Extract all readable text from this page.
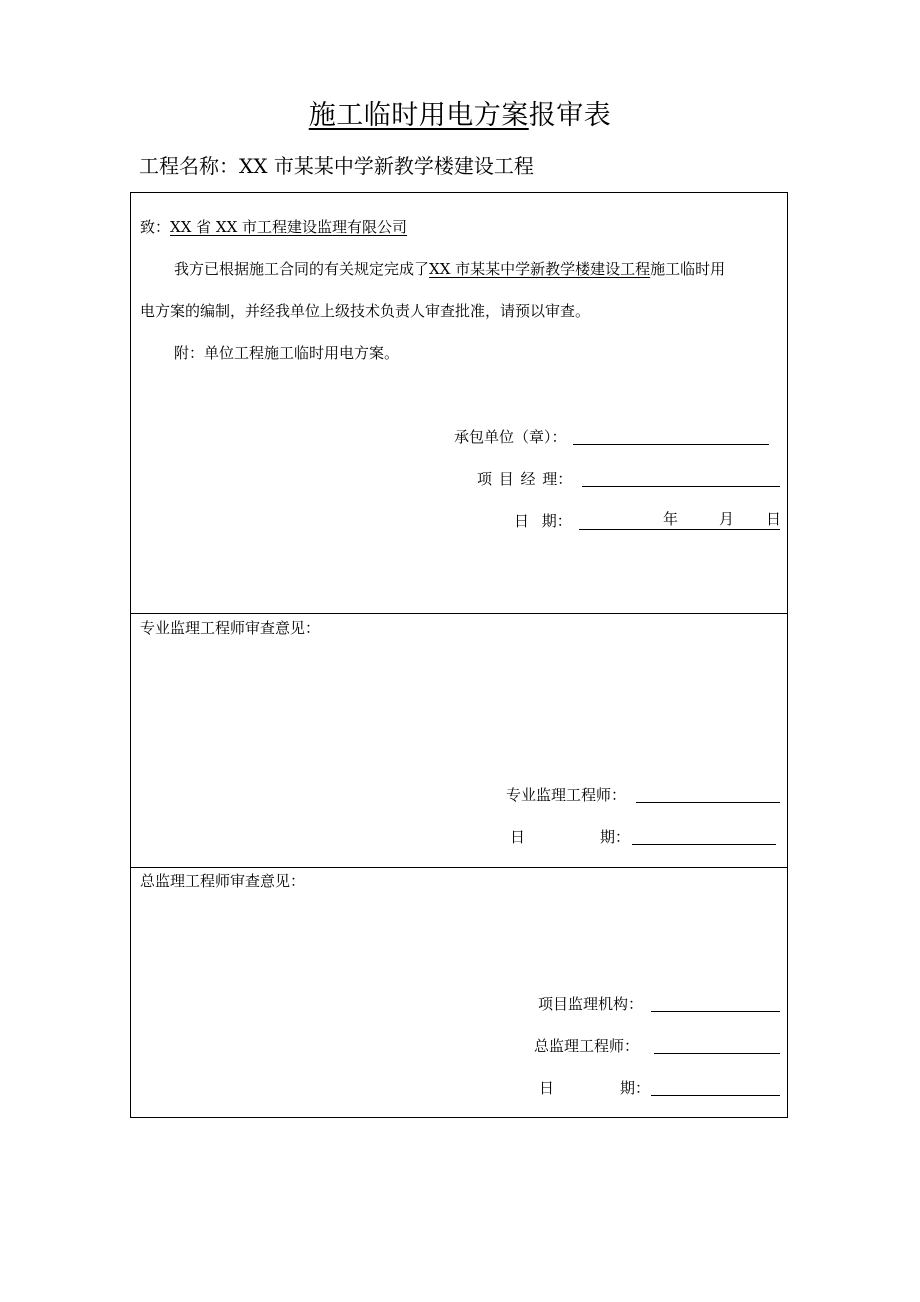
施工临时用电方案报审表
工程名称：XX 市某某中学新教学楼建设工程
致：XX 省 XX 市工程建设监理有限公司
我方已根据施工合同的有关规定完成了XX 市某某中学新教学楼建设工程施工临时用
电方案的编制，并经我单位上级技术负责人审查批准，请预以审查。
附：单位工程施工临时用电方案。
承包单位（章）：
项 目 经 理：
日 期：	年	月 日
专业监理工程师审查意见：
专业监理工程师：
日	期：
总监理工程师审查意见：
项目监理机构：
总监理工程师：
日	期：
